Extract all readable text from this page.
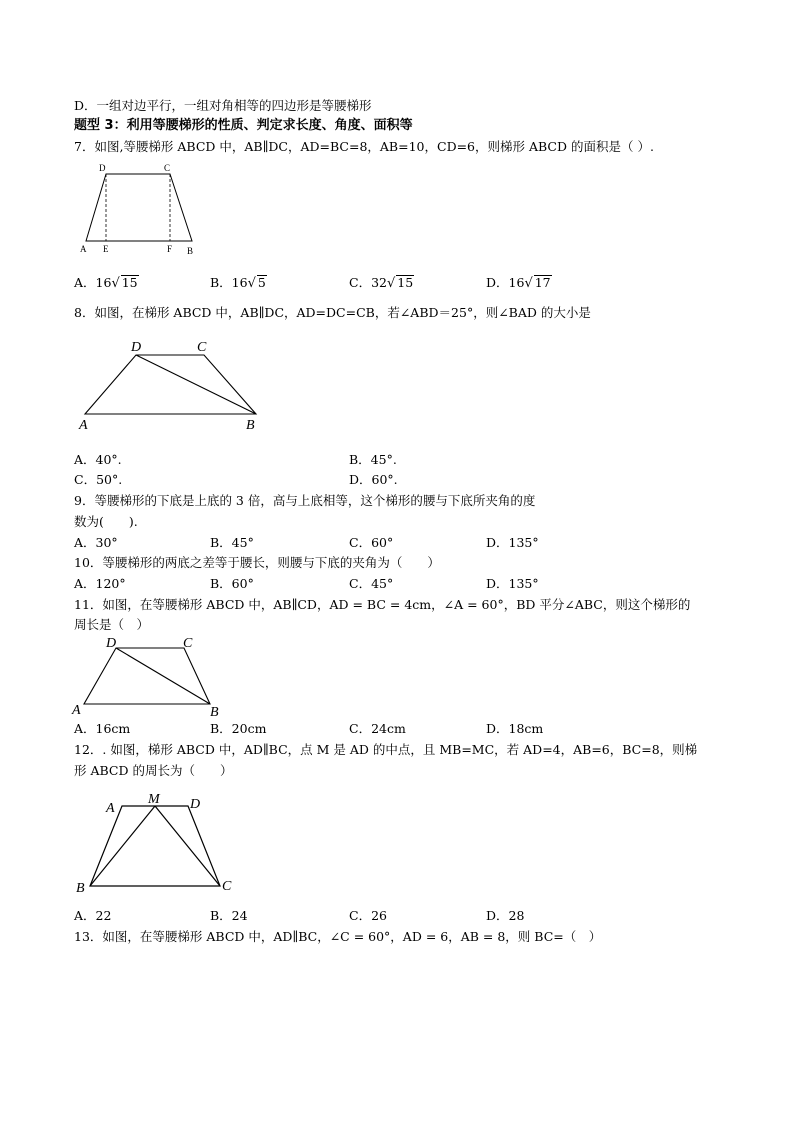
D．一组对边平行，一组对角相等的四边形是等腰梯形
题型 3：利用等腰梯形的性质、判定求长度、角度、面积等
7．如图,等腰梯形 ABCD 中，AB∥DC，AD=BC=8，AB=10，CD=6，则梯形 ABCD 的面积是（ ）.
D	C
A E	F B
A．16√ 15	B．16√ 5	C．32√ 15	D．16√ 17
8．如图，在梯形 ABCD 中，AB∥DC，AD=DC=CB，若∠ABD＝25°，则∠BAD 的大小是
D	C
A	B
A．40°.	B．45°.
C．50°.	D．60°.
9．等腰梯形的下底是上底的 3 倍，高与上底相等，这个梯形的腰与下底所夹角的度
数为(　　).
A．30°	B．45°	C．60°	D．135°
10．等腰梯形的两底之差等于腰长，则腰与下底的夹角为（　　）
A．120°	B．60°	C．45°	D．135°
11．如图，在等腰梯形 ABCD 中，AB∥CD，AD = BC = 4cm，∠A = 60°，BD 平分∠ABC，则这个梯形的
周长是（　）
D	C
A	B
A．16cm	B．20cm	C．24cm	D．18cm
12．. 如图，梯形 ABCD 中，AD∥BC，点 M 是 AD 的中点，且 MB=MC，若 AD=4，AB=6，BC=8，则梯
形 ABCD 的周长为（　　）
A
M D
B	C
A．22	B．24	C．26	D．28
13．如图，在等腰梯形 ABCD 中，AD∥BC，∠C = 60°，AD = 6，AB = 8，则 BC=（　）
